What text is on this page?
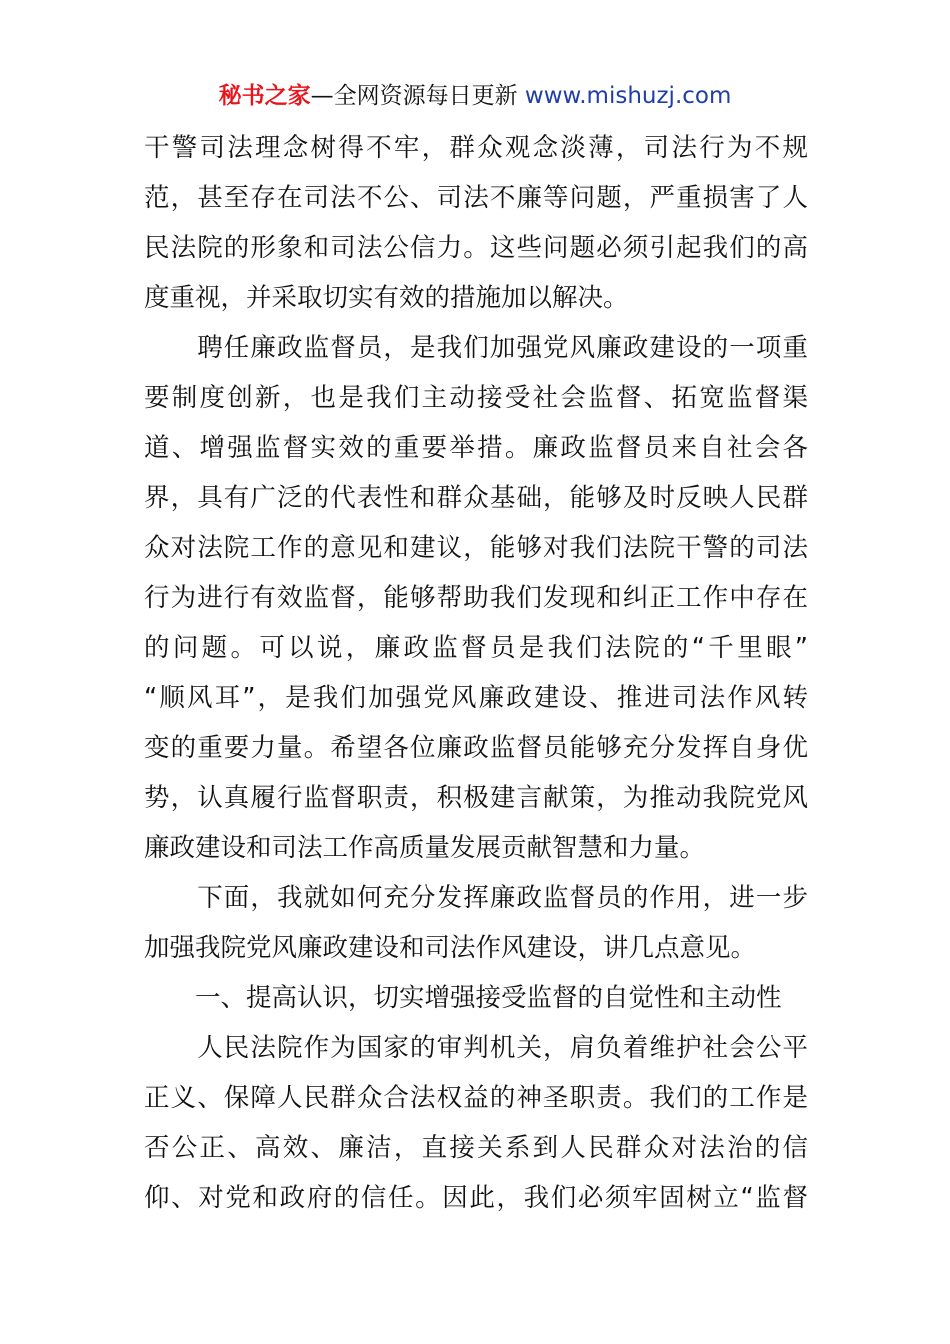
秘书之家—全网资源每日更新 www.mishuzj.com
干警司法理念树得不牢，群众观念淡薄，司法行为不规
范，甚至存在司法不公、司法不廉等问题，严重损害了人
民法院的形象和司法公信力。这些问题必须引起我们的高
度重视，并采取切实有效的措施加以解决。
　　聘任廉政监督员，是我们加强党风廉政建设的一项重
要制度创新，也是我们主动接受社会监督、拓宽监督渠
道、增强监督实效的重要举措。廉政监督员来自社会各
界，具有广泛的代表性和群众基础，能够及时反映人民群
众对法院工作的意见和建议，能够对我们法院干警的司法
行为进行有效监督，能够帮助我们发现和纠正工作中存在
的问题。可以说，廉政监督员是我们法院的“千里眼”
“顺风耳”，是我们加强党风廉政建设、推进司法作风转
变的重要力量。希望各位廉政监督员能够充分发挥自身优
势，认真履行监督职责，积极建言献策，为推动我院党风
廉政建设和司法工作高质量发展贡献智慧和力量。
　　下面，我就如何充分发挥廉政监督员的作用，进一步
加强我院党风廉政建设和司法作风建设，讲几点意见。
　　一、提高认识，切实增强接受监督的自觉性和主动性
　　人民法院作为国家的审判机关，肩负着维护社会公平
正义、保障人民群众合法权益的神圣职责。我们的工作是
否公正、高效、廉洁，直接关系到人民群众对法治的信
仰、对党和政府的信任。因此，我们必须牢固树立“监督
